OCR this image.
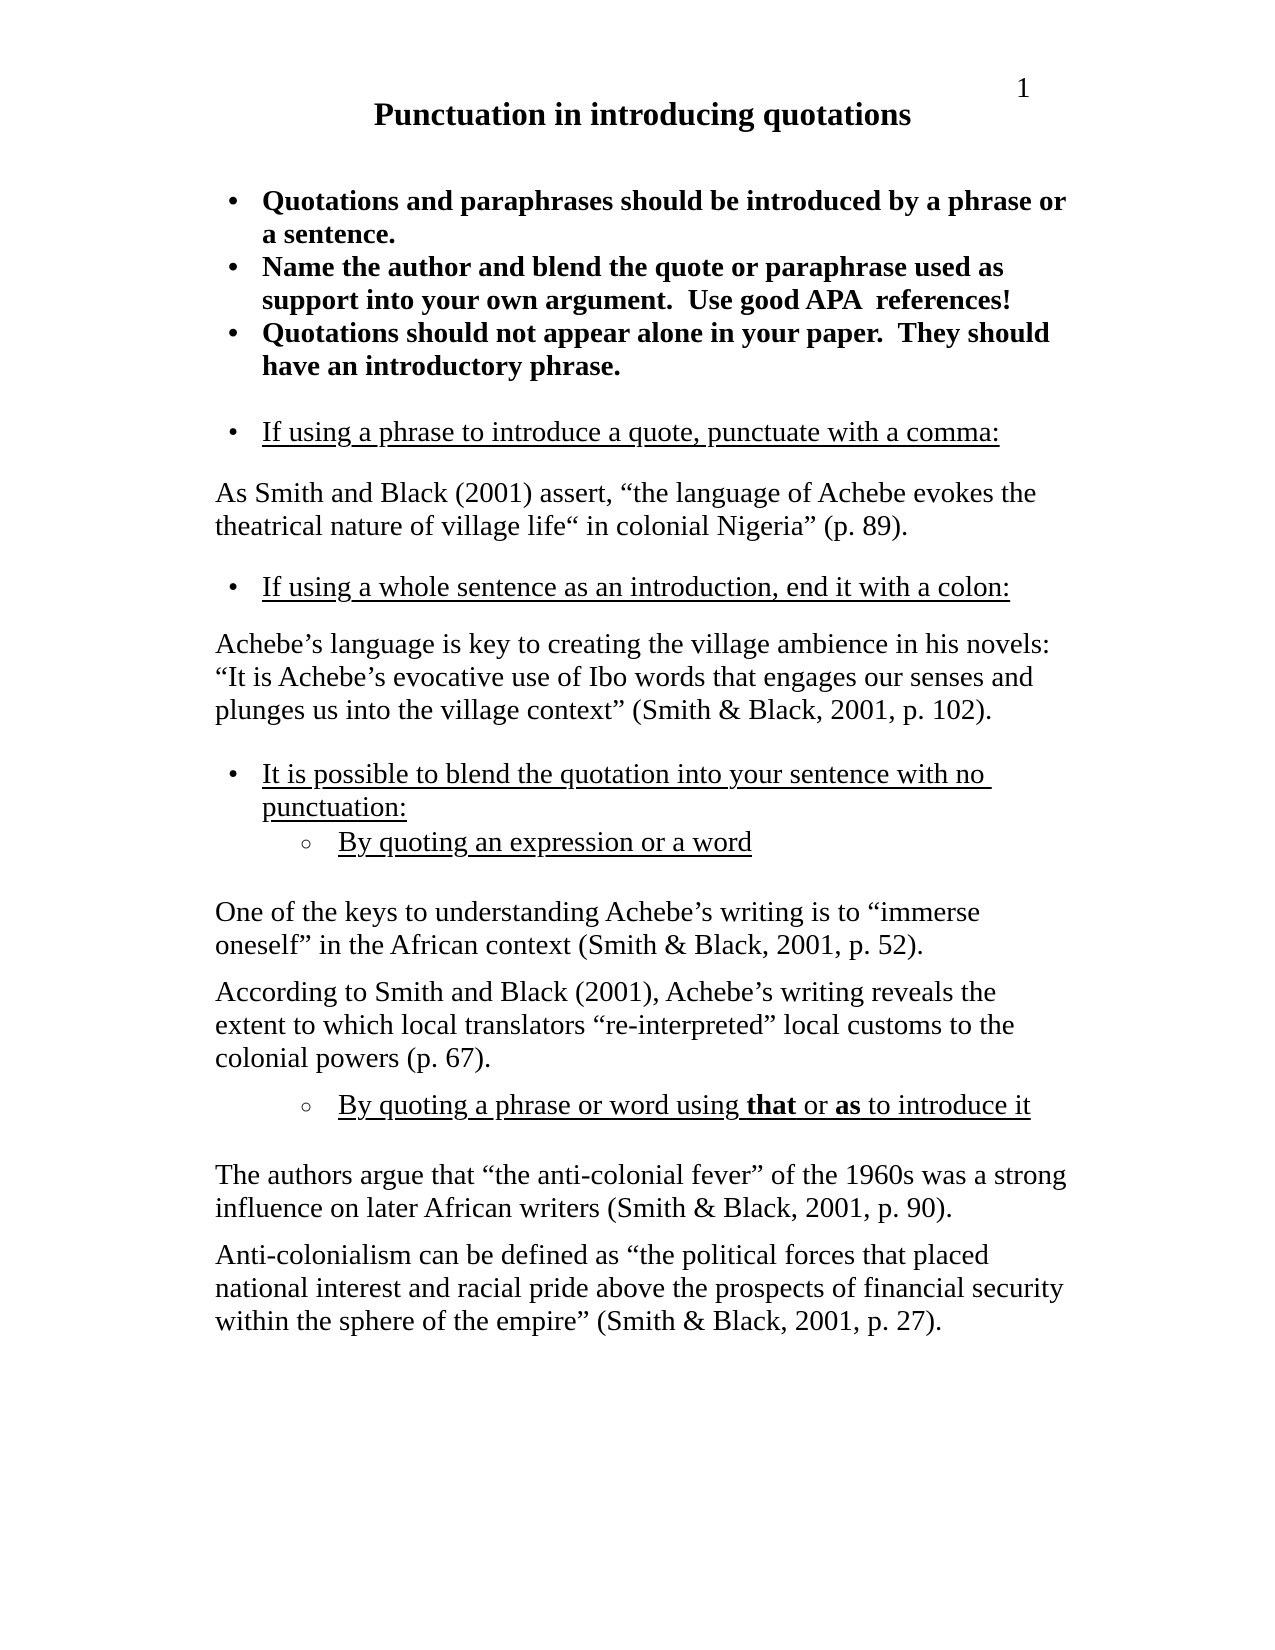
1
Punctuation in introducing quotations
• Quotations and paraphrases should be introduced by a phrase or a sentence.
• Name the author and blend the quote or paraphrase used as support into your own argument.  Use good APA  references!
• Quotations should not appear alone in your paper.  They should have an introductory phrase.
• If using a phrase to introduce a quote, punctuate with a comma:

As Smith and Black (2001) assert, “the language of Achebe evokes the theatrical nature of village life“ in colonial Nigeria” (p. 89).

• If using a whole sentence as an introduction, end it with a colon:

Achebe’s language is key to creating the village ambience in his novels:  “It is Achebe’s evocative use of Ibo words that engages our senses and plunges us into the village context” (Smith & Black, 2001, p. 102).

• It is possible to blend the quotation into your sentence with no punctuation:
○ By quoting an expression or a word

One of the keys to understanding Achebe’s writing is to “immerse oneself” in the African context (Smith & Black, 2001, p. 52).

According to Smith and Black (2001), Achebe’s writing reveals the extent to which local translators “re-interpreted” local customs to the colonial powers (p. 67).

○ By quoting a phrase or word using that or as to introduce it

The authors argue that “the anti-colonial fever” of the 1960s was a strong influence on later African writers (Smith & Black, 2001, p. 90).

Anti-colonialism can be defined as “the political forces that placed national interest and racial pride above the prospects of financial security within the sphere of the empire” (Smith & Black, 2001, p. 27).
